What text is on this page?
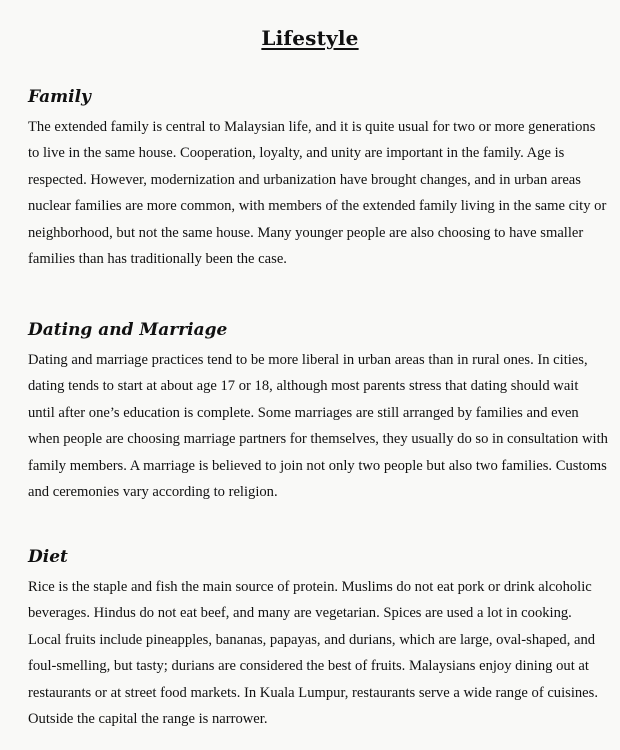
Lifestyle
Family

The extended family is central to Malaysian life, and it is quite usual for two or more generations to live in the same house. Cooperation, loyalty, and unity are important in the family. Age is respected. However, modernization and urbanization have brought changes, and in urban areas nuclear families are more common, with members of the extended family living in the same city or neighborhood, but not the same house. Many younger people are also choosing to have smaller families than has traditionally been the case.

Dating and Marriage

Dating and marriage practices tend to be more liberal in urban areas than in rural ones. In cities, dating tends to start at about age 17 or 18, although most parents stress that dating should wait until after one’s education is complete. Some marriages are still arranged by families and even when people are choosing marriage partners for themselves, they usually do so in consultation with family members. A marriage is believed to join not only two people but also two families. Customs and ceremonies vary according to religion.

Diet

Rice is the staple and fish the main source of protein. Muslims do not eat pork or drink alcoholic beverages. Hindus do not eat beef, and many are vegetarian. Spices are used a lot in cooking. Local fruits include pineapples, bananas, papayas, and durians, which are large, oval-shaped, and foul-smelling, but tasty; durians are considered the best of fruits. Malaysians enjoy dining out at restaurants or at street food markets. In Kuala Lumpur, restaurants serve a wide range of cuisines. Outside the capital the range is narrower.
